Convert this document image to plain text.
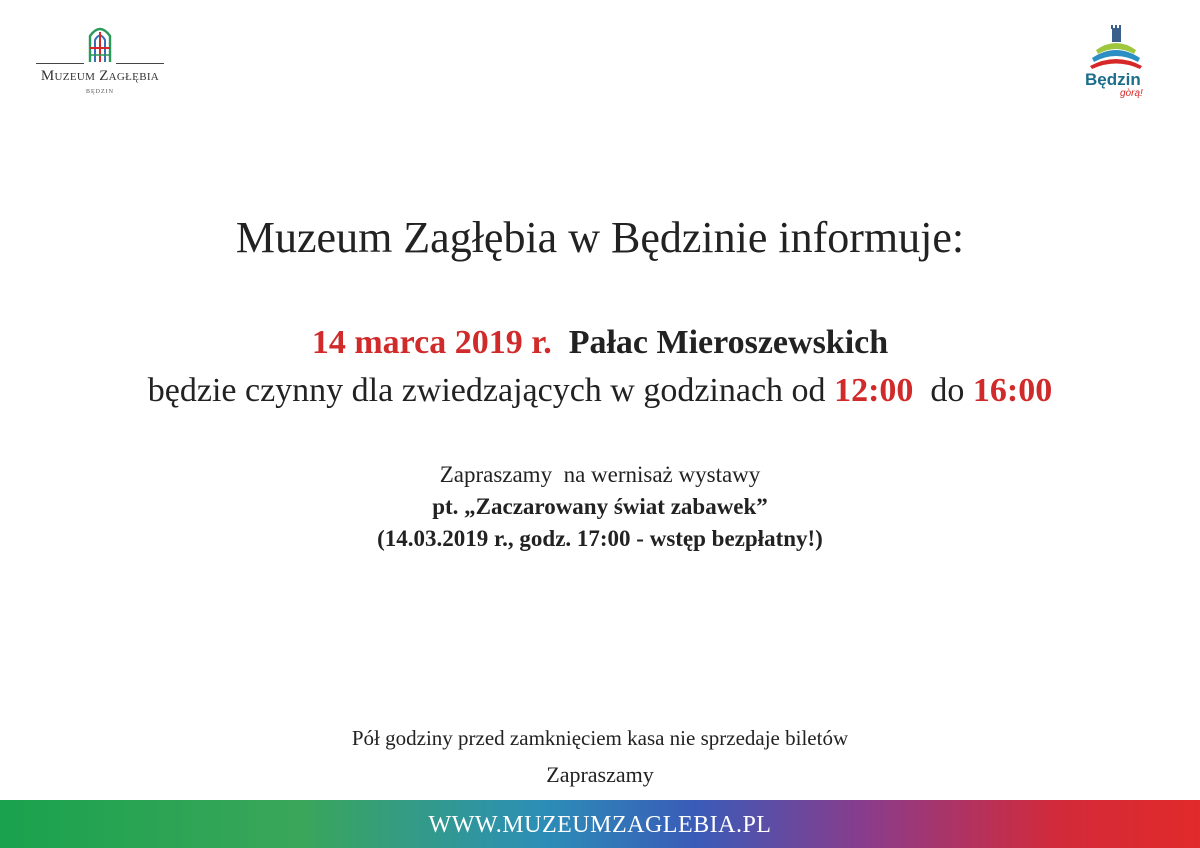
Muzeum Zagłębia
BĘDZIN
Będzin
gòrą!
Muzeum Zagłębia w Będzinie informuje:
14 marca 2019 r. Pałac Mieroszewskich
będzie czynny dla zwiedzających w godzinach od 12:00 do 16:00
Zapraszamy  na wernisaż wystawy
pt. „Zaczarowany świat zabawek”
(14.03.2019 r., godz. 17:00 - wstęp bezpłatny!)
Pół godziny przed zamknięciem kasa nie sprzedaje biletów
Zapraszamy
WWW.MUZEUMZAGLEBIA.PL
